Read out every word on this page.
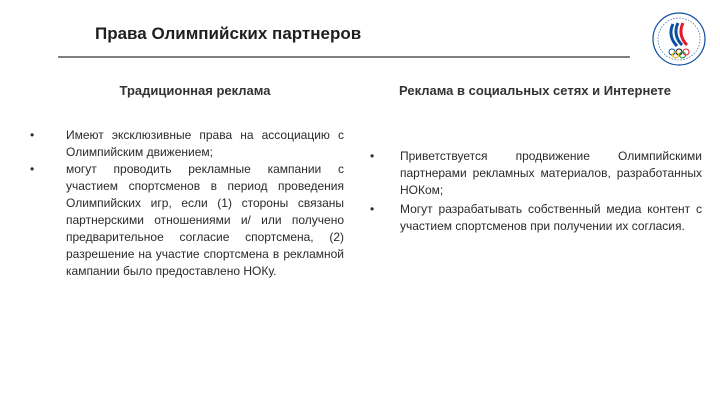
Права Олимпийских партнеров
Традиционная реклама	Реклама в социальных сетях и Интернете
•	Имеют эксклюзивные права на ассоциацию с Олимпийским движением;
•	могут проводить рекламные кампании с участием спортсменов в период проведения Олимпийских игр, если (1) стороны связаны партнерскими отношениями и/ или получено предварительное согласие спортсмена, (2) разрешение на участие спортсмена в рекламной кампании было предоставлено НОКу.
• Приветствуется продвижение Олимпийскими партнерами рекламных материалов, разработанных НОКом;
• Могут разрабатывать собственный медиа контент с участием спортсменов при получении их согласия.
